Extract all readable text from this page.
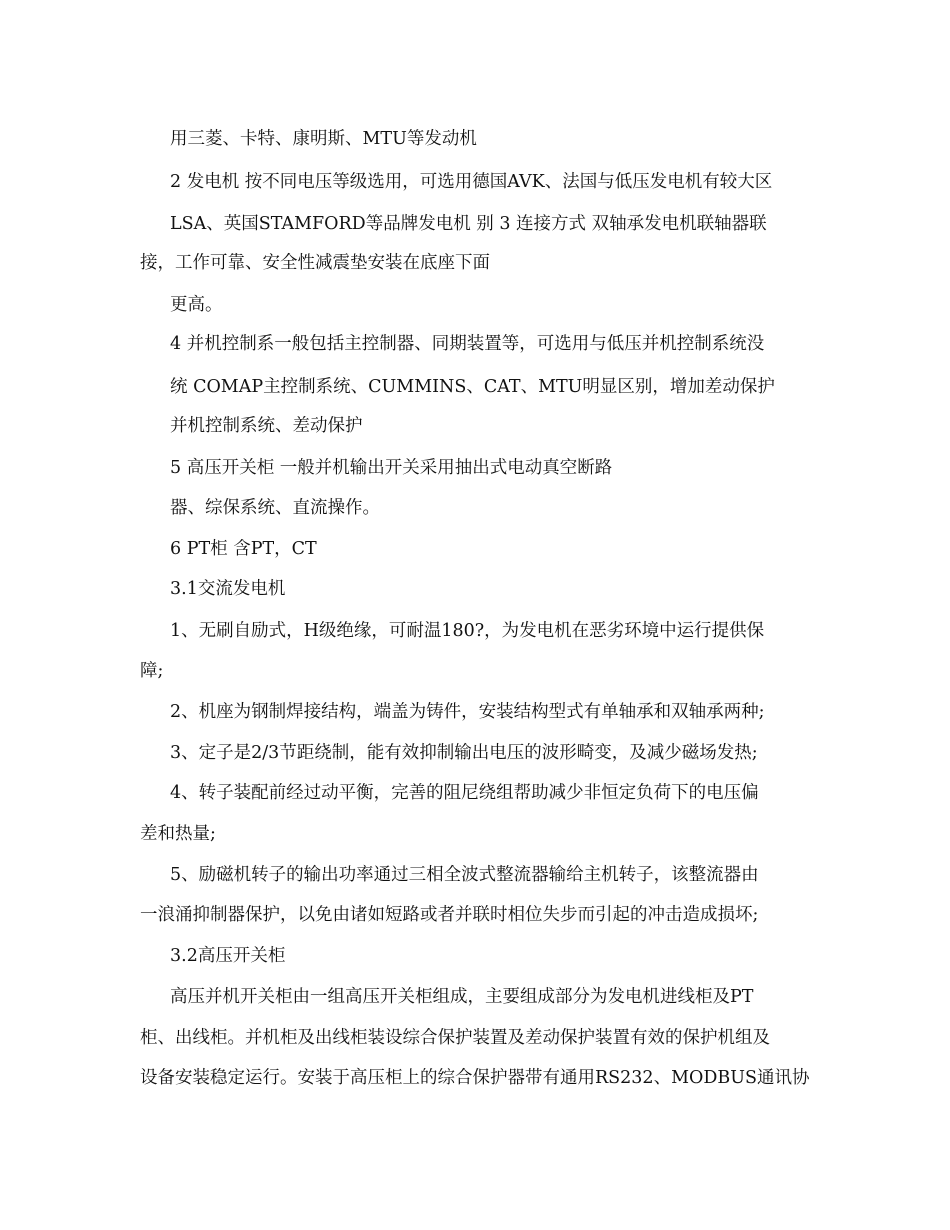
用三菱、卡特、康明斯、MTU等发动机
2 发电机 按不同电压等级选用，可选用德国AVK、法国与低压发电机有较大区
LSA、英国STAMFORD等品牌发电机 别 3 连接方式 双轴承发电机联轴器联
接，工作可靠、安全性减震垫安装在底座下面
更高。
4 并机控制系一般包括主控制器、同期装置等，可选用与低压并机控制系统没
统 COMAP主控制系统、CUMMINS、CAT、MTU明显区别，增加差动保护
并机控制系统、差动保护
5 高压开关柜 一般并机输出开关采用抽出式电动真空断路
器、综保系统、直流操作。
6 PT柜 含PT，CT
3.1交流发电机
1、无刷自励式，H级绝缘，可耐温180?，为发电机在恶劣环境中运行提供保
障;
2、机座为钢制焊接结构，端盖为铸件，安装结构型式有单轴承和双轴承两种;
3、定子是2/3节距绕制，能有效抑制输出电压的波形畸变，及减少磁场发热;
4、转子装配前经过动平衡，完善的阻尼绕组帮助减少非恒定负荷下的电压偏
差和热量;
5、励磁机转子的输出功率通过三相全波式整流器输给主机转子，该整流器由
一浪涌抑制器保护，以免由诸如短路或者并联时相位失步而引起的冲击造成损坏;
3.2高压开关柜
高压并机开关柜由一组高压开关柜组成，主要组成部分为发电机进线柜及PT
柜、出线柜。并机柜及出线柜装设综合保护装置及差动保护装置有效的保护机组及
设备安装稳定运行。安装于高压柜上的综合保护器带有通用RS232、MODBUS通讯协
